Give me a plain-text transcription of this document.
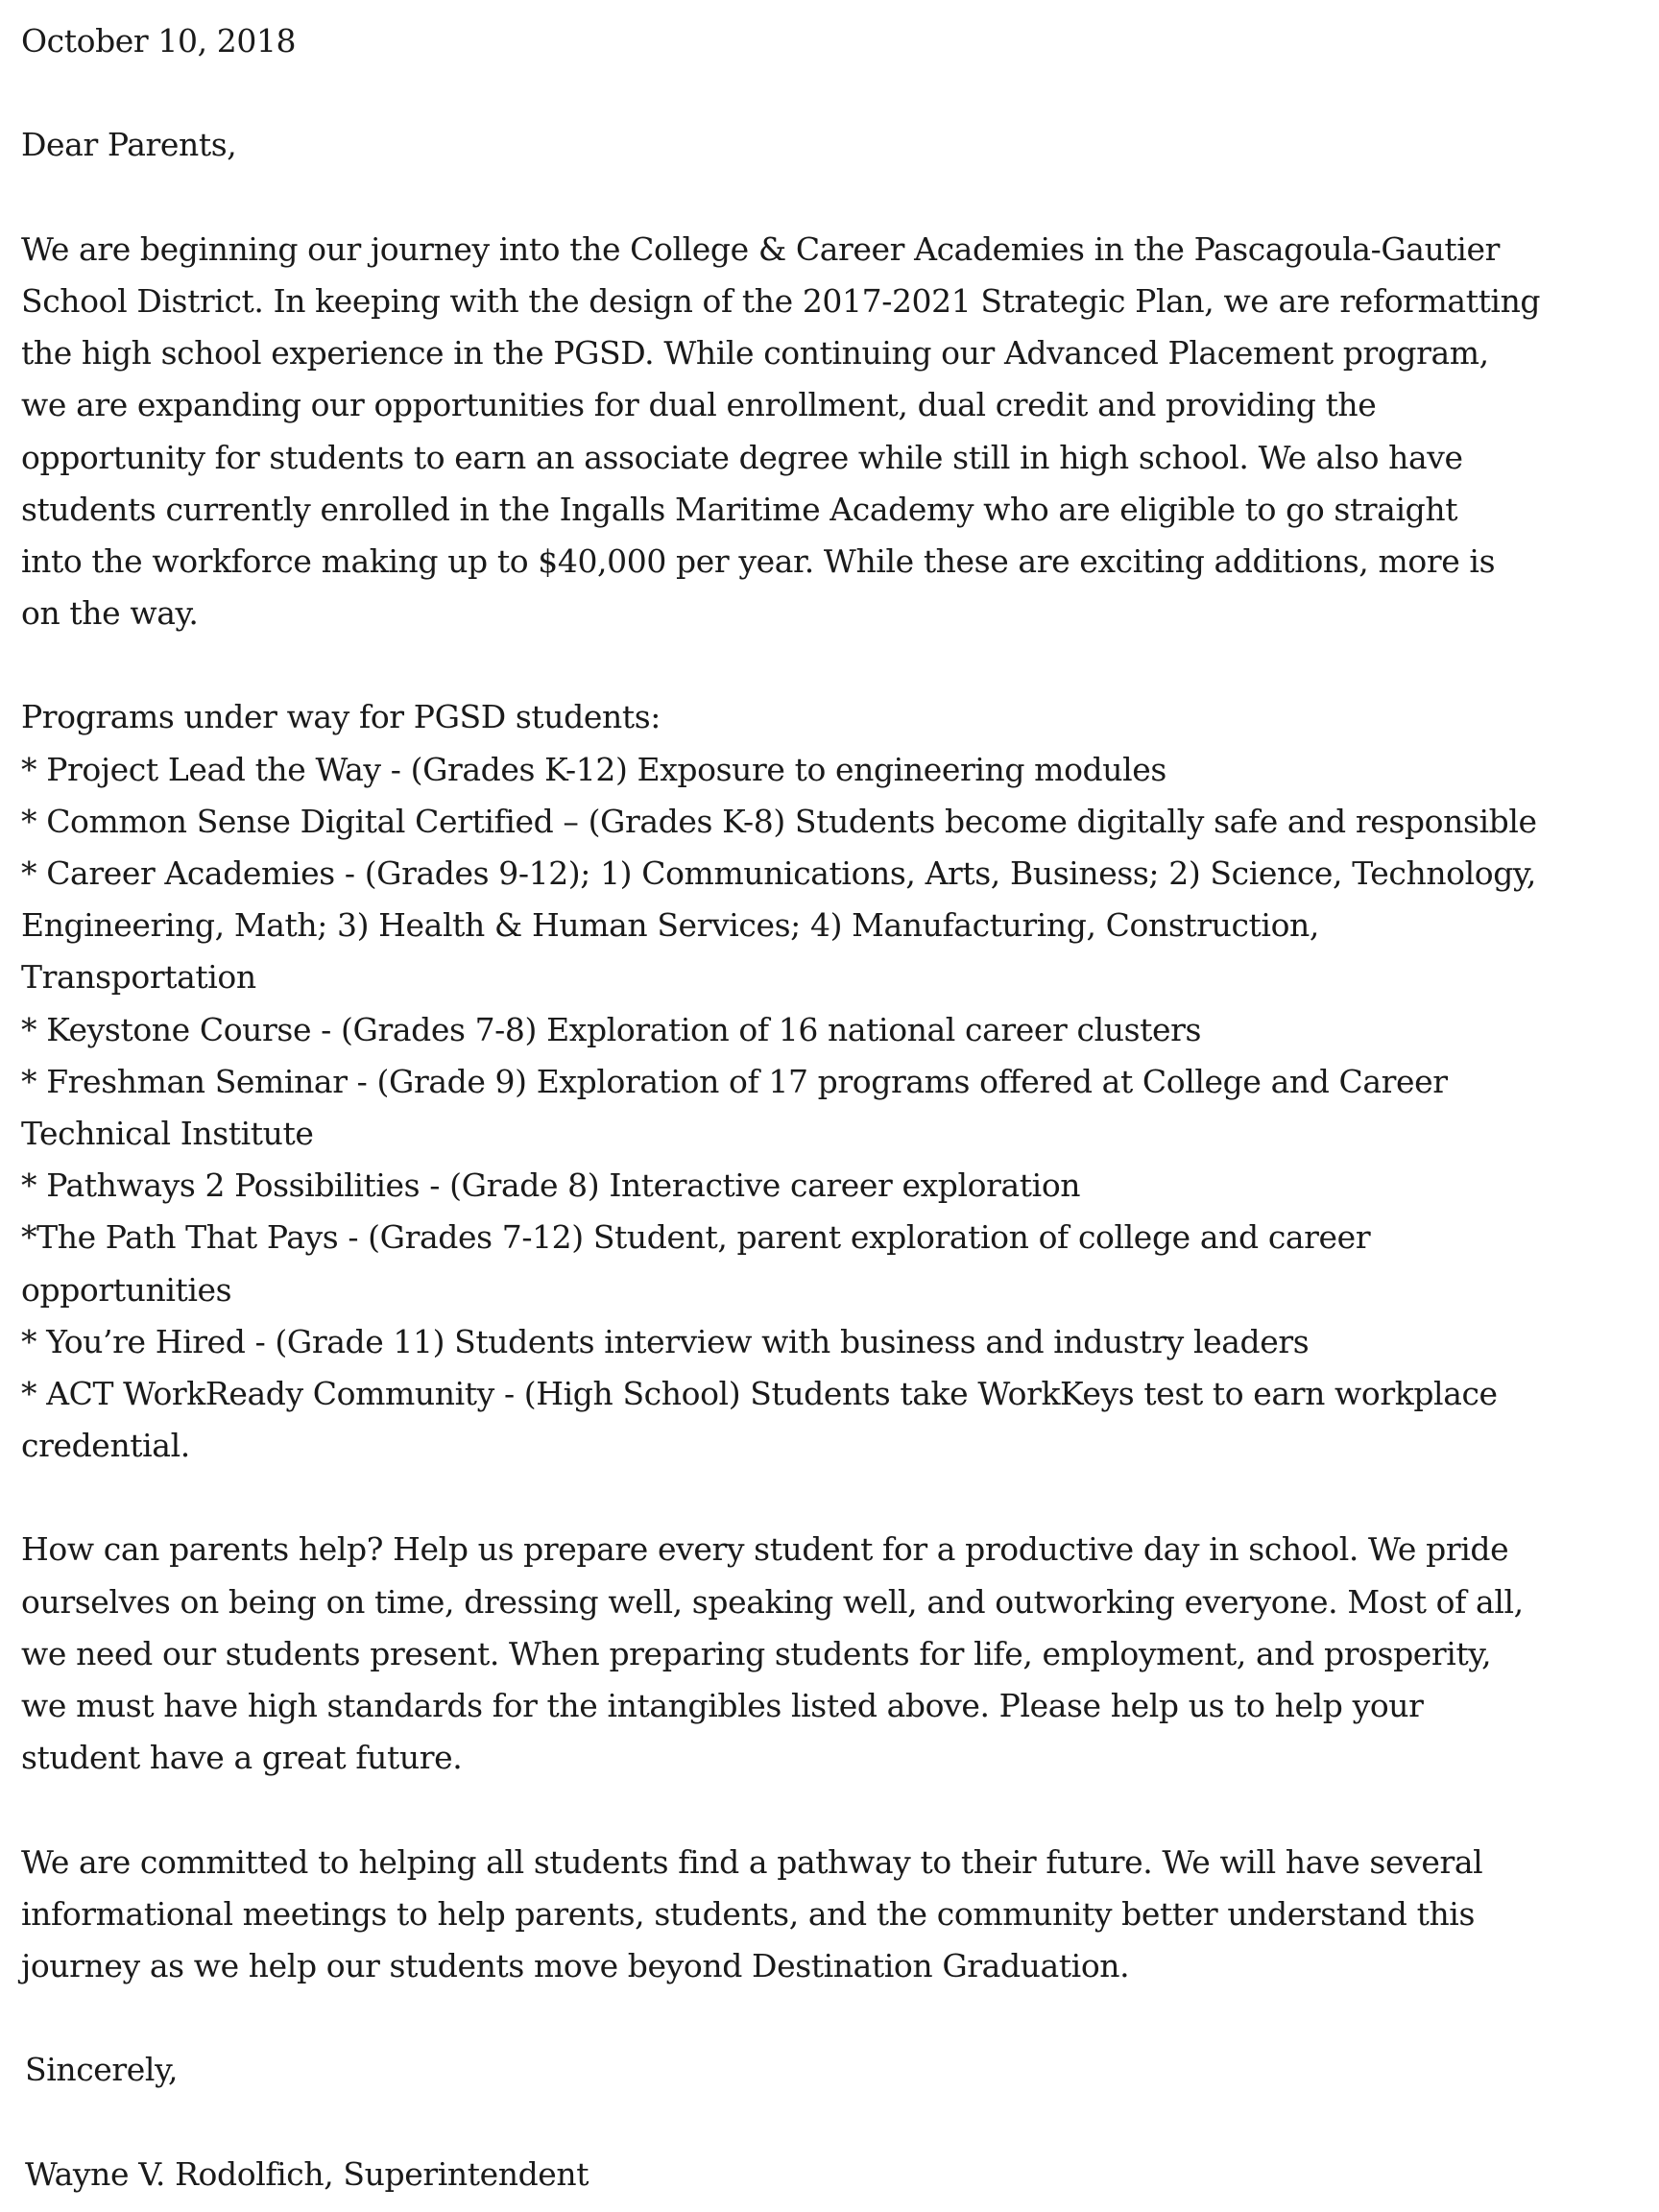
October 10, 2018
Dear Parents,
We are beginning our journey into the College & Career Academies in the Pascagoula-Gautier
School District. In keeping with the design of the 2017-2021 Strategic Plan, we are reformatting
the high school experience in the PGSD. While continuing our Advanced Placement program,
we are expanding our opportunities for dual enrollment, dual credit and providing the
opportunity for students to earn an associate degree while still in high school. We also have
students currently enrolled in the Ingalls Maritime Academy who are eligible to go straight
into the workforce making up to $40,000 per year. While these are exciting additions, more is
on the way.
Programs under way for PGSD students:
* Project Lead the Way - (Grades K-12) Exposure to engineering modules
* Common Sense Digital Certified – (Grades K-8) Students become digitally safe and responsible
* Career Academies - (Grades 9-12); 1) Communications, Arts, Business; 2) Science, Technology,
Engineering, Math; 3) Health & Human Services; 4) Manufacturing, Construction,
Transportation
* Keystone Course - (Grades 7-8) Exploration of 16 national career clusters
* Freshman Seminar - (Grade 9) Exploration of 17 programs offered at College and Career
Technical Institute
* Pathways 2 Possibilities - (Grade 8) Interactive career exploration
*The Path That Pays - (Grades 7-12) Student, parent exploration of college and career
opportunities
* You’re Hired - (Grade 11) Students interview with business and industry leaders
* ACT WorkReady Community - (High School) Students take WorkKeys test to earn workplace
credential.
How can parents help? Help us prepare every student for a productive day in school. We pride
ourselves on being on time, dressing well, speaking well, and outworking everyone. Most of all,
we need our students present. When preparing students for life, employment, and prosperity,
we must have high standards for the intangibles listed above. Please help us to help your
student have a great future.
We are committed to helping all students find a pathway to their future. We will have several
informational meetings to help parents, students, and the community better understand this
journey as we help our students move beyond Destination Graduation.
Sincerely,
Wayne V. Rodolfich, Superintendent
